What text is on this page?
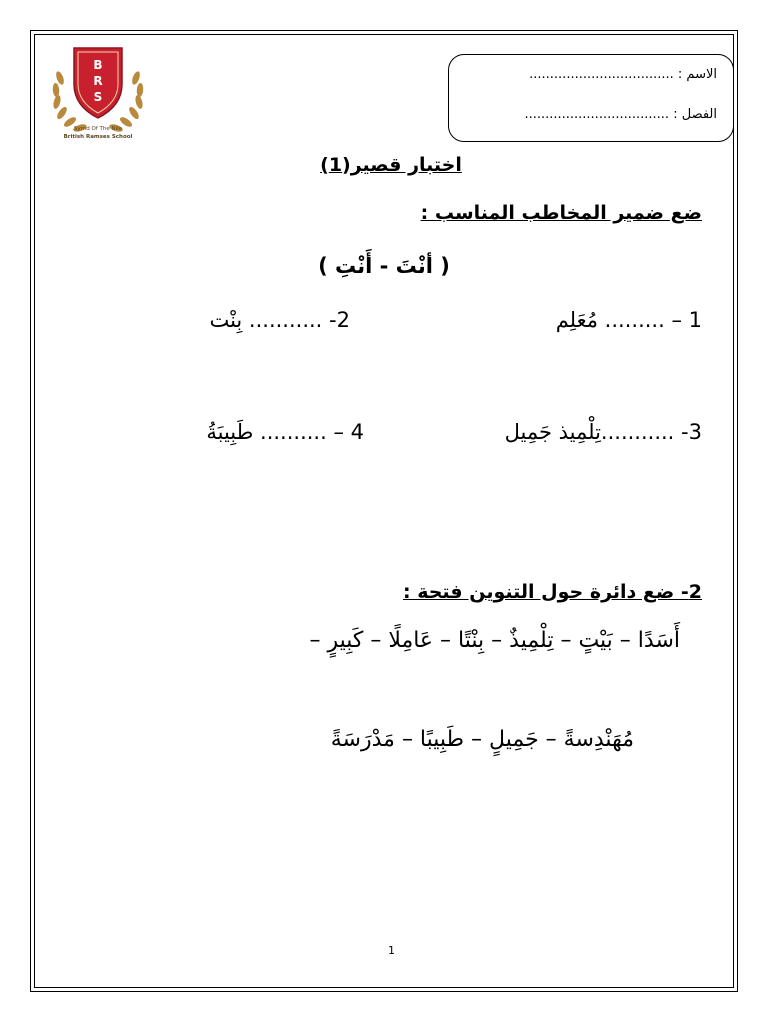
B
R
S
Syrnd Of The Nile
British Ramses School
الاسم : ...................................
الفصل : ...................................
اختبار قصير(1)
ضع ضمير المخاطب المناسب :
( أنْتَ - أَنْتِ )
1 – ......... مُعَلِم
2- ........... بِنْت
3- ...........تِلْمِيذ جَمِيل
4 – .......... طَبِيبَةُ
2- ضع دائرة حول التنوين فتحة :
أَسَدًا – بَيْتٍ – تِلْمِيذٌ – بِنْتًا – عَامِلًا – كَبِيرٍ –
مُهَنْدِسةً – جَمِيلٍ – طَبِيبًا – مَدْرَسَةً
1
